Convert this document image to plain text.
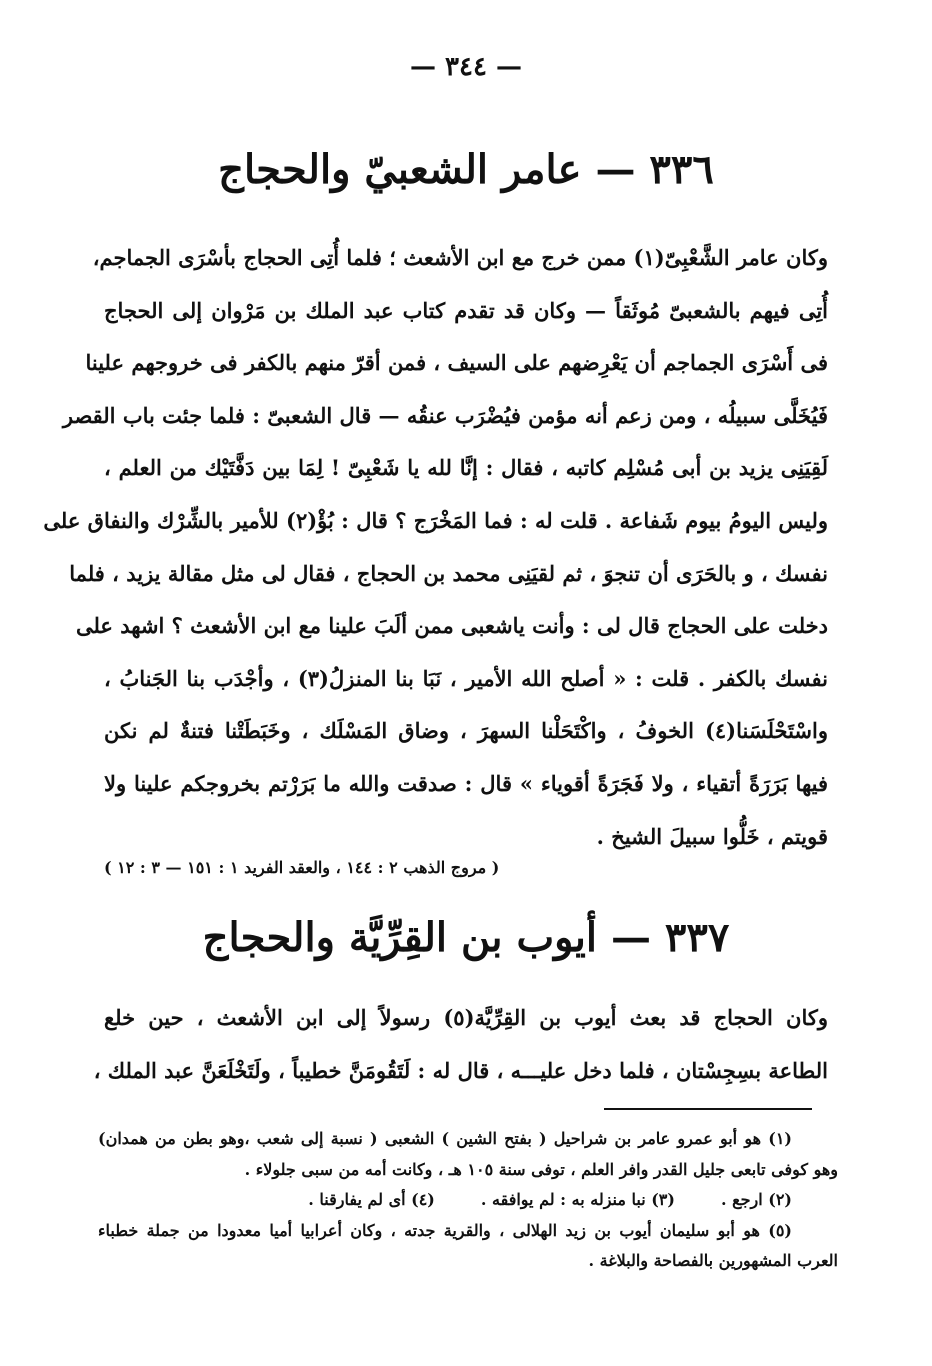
— ٣٤٤ —
٣٣٦ — عامر الشعبيّ والحجاج
وكان عامر الشَّعْبِىّ(١) ممن خرج مع ابن الأشعث ؛ فلما أُتِى الحجاج بأسْرَى الجماجم،
أُتِى فيهم بالشعبىّ مُوثَقاً — وكان قد تقدم كتاب عبد الملك بن مَرْوان إلى الحجاج
فى أَسْرَى الجماجم أن يَعْرِضهم على السيف ، فمن أقرّ منهم بالكفر فى خروجهم علينا
فَيُخَلَّى سبيلُه ، ومن زعم أنه مؤمن فيُضْرَب عنقُه — قال الشعبىّ : فلما جئت باب القصر
لَقِيَنِى يزيد بن أبى مُسْلِم كاتبه ، فقال : إنَّا لله يا شَعْبِىّ ! لِمَا بين دَفَّتَيْك من العلم ،
وليس اليومُ بيوم شَفاعة . قلت له : فما المَخْرَج ؟ قال : بُؤْ(٢) للأمير بالشِّرْك والنفاق على
نفسك ، و بالحَرَى أن تنجوَ ، ثم لقيَنِى محمد بن الحجاج ، فقال لى مثل مقالة يزيد ، فلما
دخلت على الحجاج قال لى : وأنت ياشعبى ممن ألَبَ علينا مع ابن الأشعث ؟ اشهد على
نفسك بالكفر . قلت : « أصلح الله الأمير ، نَبَا بنا المنزلُ(٣) ، وأجْدَب بنا الجَنابُ ،
واسْتَحْلَسَنا(٤) الخوفُ ، واكْتَحَلْنا السهرَ ، وضاق المَسْلَك ، وخَبَطَتْنا فتنةٌ لم نكن
فيها بَرَرَةً أتقياء ، ولا فَجَرَةً أقوياء » قال : صدقت والله ما بَرَرْتم بخروجكم علينا ولا
قويتم ، خَلُّوا سبيلَ الشيخ .
( مروج الذهب ٢ : ١٤٤ ، والعقد الفريد ١ : ١٥١ — ٣ : ١٢ )
٣٣٧ — أيوب بن القِرِّيَّة والحجاج
وكان الحجاج قد بعث أيوب بن القِرِّيَّة(٥) رسولاً إلى ابن الأشعث ، حين خلع
الطاعة بسِجِسْتان ، فلما دخل عليـــه ، قال له : لَتَقُومَنَّ خطيباً ، ولَتَخْلَعَنَّ عبد الملك ،
(١) هو أبو عمرو عامر بن شراحيل ( بفتح الشين ) الشعبى ( نسبة إلى شعب ،وهو بطن من همدان)
وهو كوفى تابعى جليل القدر وافر العلم ، توفى سنة ١٠٥ هـ ، وكانت أمه من سبى جلولاء .
(٢) ارجع .(٣) نبا منزله به : لم يوافقه .(٤) أى لم يفارقنا .
(٥) هو أبو سليمان أيوب بن زيد الهلالى ، والقرية جدته ، وكان أعرابيا أميا معدودا من جملة خطباء
العرب المشهورين بالفصاحة والبلاغة .
